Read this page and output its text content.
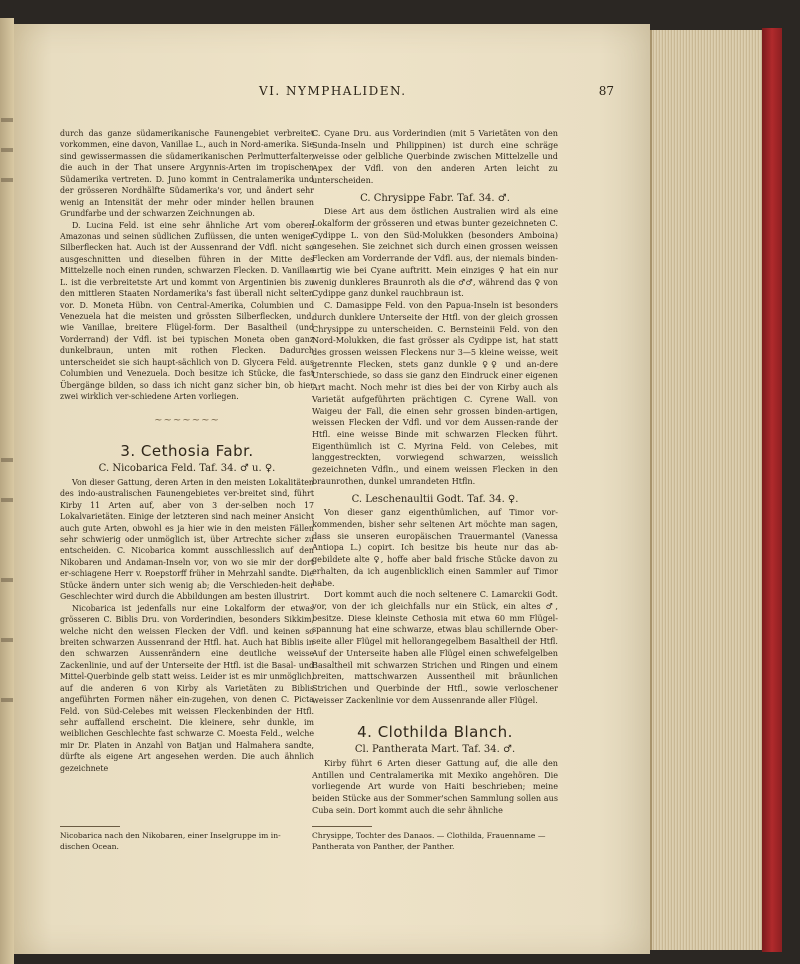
VI. NYMPHALIDEN.	87

durch das ganze südamerikanische Faunengebiet verbreitet vorkommen, eine davon, Vanillae L., auch in Nord-amerika. Sie sind gewissermassen die südamerikanischen Perlmutterfalter, die auch in der That unsere Argynnis-Arten im tropischen Südamerika vertreten. D. Juno kommt in Centralamerika und der grösseren Nordhälfte Südamerika's vor, und ändert sehr wenig an Intensität der mehr oder minder hellen braunen Grundfarbe und der schwarzen Zeichnungen ab.

D. Lucina Feld. ist eine sehr ähnliche Art vom oberen Amazonas und seinen südlichen Zuflüssen, die unten weniger Silberflecken hat. Auch ist der Aussenrand der Vdfl. nicht so ausgeschnitten und dieselben führen in der Mitte des Mittelzelle noch einen runden, schwarzen Flecken. D. Vanillae L. ist die verbreitetste Art und kommt von Argentinien bis zu den mittleren Staaten Nordamerika's fast überall nicht selten vor. D. Moneta Hübn. von Central-Amerika, Columbien und Venezuela hat die meisten und grössten Silberflecken, und, wie Vanillae, breitere Flügel-form. Der Basaltheil (und Vorderrand) der Vdfl. ist bei typischen Moneta oben ganz dunkelbraun, unten mit rothen Flecken. Dadurch unterscheidet sie sich haupt-sächlich von D. Glycera Feld. aus Columbien und Venezuela. Doch besitze ich Stücke, die fast Übergänge bilden, so dass ich nicht ganz sicher bin, ob hier zwei wirklich ver-schiedene Arten vorliegen.

~~~~~~~
3. Cethosia Fabr.
C. Nicobarica Feld. Taf. 34. ♂ u. ♀.

Von dieser Gattung, deren Arten in den meisten Lokalitäten des indo-australischen Faunengebietes ver-breitet sind, führt Kirby 11 Arten auf, aber von 3 der-selben noch 17 Lokalvarietäten. Einige der letzteren sind nach meiner Ansicht auch gute Arten, obwohl es ja hier wie in den meisten Fällen sehr schwierig oder unmöglich ist, über Artrechte sicher zu entscheiden. C. Nicobarica kommt ausschliesslich auf den Nikobaren und Andaman-Inseln vor, von wo sie mir der dort er-schiagene Herr v. Roepstorff früher in Mehrzahl sandte. Die Stücke ändern unter sich wenig ab; die Verschieden-heit der Geschlechter wird durch die Abbildungen am besten illustrirt.

Nicobarica ist jedenfalls nur eine Lokalform der etwas grösseren C. Biblis Dru. von Vorderindien, besonders Sikkim, welche nicht den weissen Flecken der Vdfl. und keinen so breiten schwarzen Aussenrand der Htfl. hat. Auch hat Biblis in den schwarzen Aussenrändern eine deutliche weisse Zackenlinie, und auf der Unterseite der Htfl. ist die Basal- und Mittel-Querbinde gelb statt weiss. Leider ist es mir unmöglich, auf die anderen 6 von Kirby als Varietäten zu Biblis angeführten Formen näher ein-zugehen, von denen C. Picta Feld. von Süd-Celebes mit weissen Fleckenbinden der Htfl. sehr auffallend erscheint. Die kleinere, sehr dunkle, im weiblichen Geschlechte fast schwarze C. Moesta Feld., welche mir Dr. Platen in Anzahl von Batjan und Halmahera sandte, dürfte als eigene Art angesehen werden. Die auch ähnlich gezeichnete

C. Cyane Dru. aus Vorderindien (mit 5 Varietäten von den Sunda-Inseln und Philippinen) ist durch eine schräge weisse oder gelbliche Querbinde zwischen Mittelzelle und Apex der Vdfl. von den anderen Arten leicht zu unterscheiden.

C. Chrysippe Fabr. Taf. 34. ♂.

Diese Art aus dem östlichen Australien wird als eine Lokalform der grösseren und etwas bunter gezeichneten C. Cydippe L. von den Süd-Molukken (besonders Amboina) angesehen. Sie zeichnet sich durch einen grossen weissen Flecken am Vorderrande der Vdfl. aus, der niemals binden-artig wie bei Cyane auftritt. Mein einziges ♀ hat ein nur wenig dunkleres Braunroth als die ♂♂, während das ♀ von Cydippe ganz dunkel rauchbraun ist.

C. Damasippe Feld. von den Papua-Inseln ist besonders durch dunklere Unterseite der Htfl. von der gleich grossen Chrysippe zu unterscheiden. C. Bernsteinii Feld. von den Nord-Molukken, die fast grösser als Cydippe ist, hat statt des grossen weissen Fleckens nur 3—5 kleine weisse, weit getrennte Flecken, stets ganz dunkle ♀♀ und an-dere Unterschiede, so dass sie ganz den Eindruck einer eigenen Art macht. Noch mehr ist dies bei der von Kirby auch als Varietät aufgeführten prächtigen C. Cyrene Wall. von Waigeu der Fall, die einen sehr grossen binden-artigen, weissen Flecken der Vdfl. und vor dem Aussen-rande der Htfl. eine weisse Binde mit schwarzen Flecken führt. Eigenthümlich ist C. Myrina Feld. von Celebes, mit langgestreckten, vorwiegend schwarzen, weisslich gezeichneten Vdfln., und einem weissen Flecken in den braunrothen, dunkel umrandeten Htfln.

C. Leschenaultii Godt. Taf. 34. ♀.

Von dieser ganz eigenthümlichen, auf Timor vor-kommenden, bisher sehr seltenen Art möchte man sagen, dass sie unseren europäischen Trauermantel (Vanessa Antiopa L.) copirt. Ich besitze bis heute nur das ab-gebildete alte ♀, hoffe aber bald frische Stücke davon zu erhalten, da ich augenblicklich einen Sammler auf Timor habe.

Dort kommt auch die noch seltenere C. Lamarckii Godt. vor, von der ich gleichfalls nur ein Stück, ein altes ♂, besitze. Diese kleinste Cethosia mit etwa 60 mm Flügel-spannung hat eine schwarze, etwas blau schillernde Ober-seite aller Flügel mit hellorangegelbem Basaltheil der Htfl. Auf der Unterseite haben alle Flügel einen schwefelgelben Basaltheil mit schwarzen Strichen und Ringen und einem breiten, mattschwarzen Aussentheil mit bräunlichen Strichen und Querbinde der Htfl., sowie verloschener weisser Zackenlinie vor dem Aussenrande aller Flügel.

4. Clothilda Blanch.
Cl. Pantherata Mart. Taf. 34. ♂.

Kirby führt 6 Arten dieser Gattung auf, die alle den Antillen und Centralamerika mit Mexiko angehören. Die vorliegende Art wurde von Haiti beschrieben; meine beiden Stücke aus der Sommer'schen Sammlung sollen aus Cuba sein. Dort kommt auch die sehr ähnliche

Nicobarica nach den Nikobaren, einer Inselgruppe im in-dischen Ocean.
Chrysippe, Tochter des Danaos. — Clothilda, Frauenname — Pantherata von Panther, der Panther.
